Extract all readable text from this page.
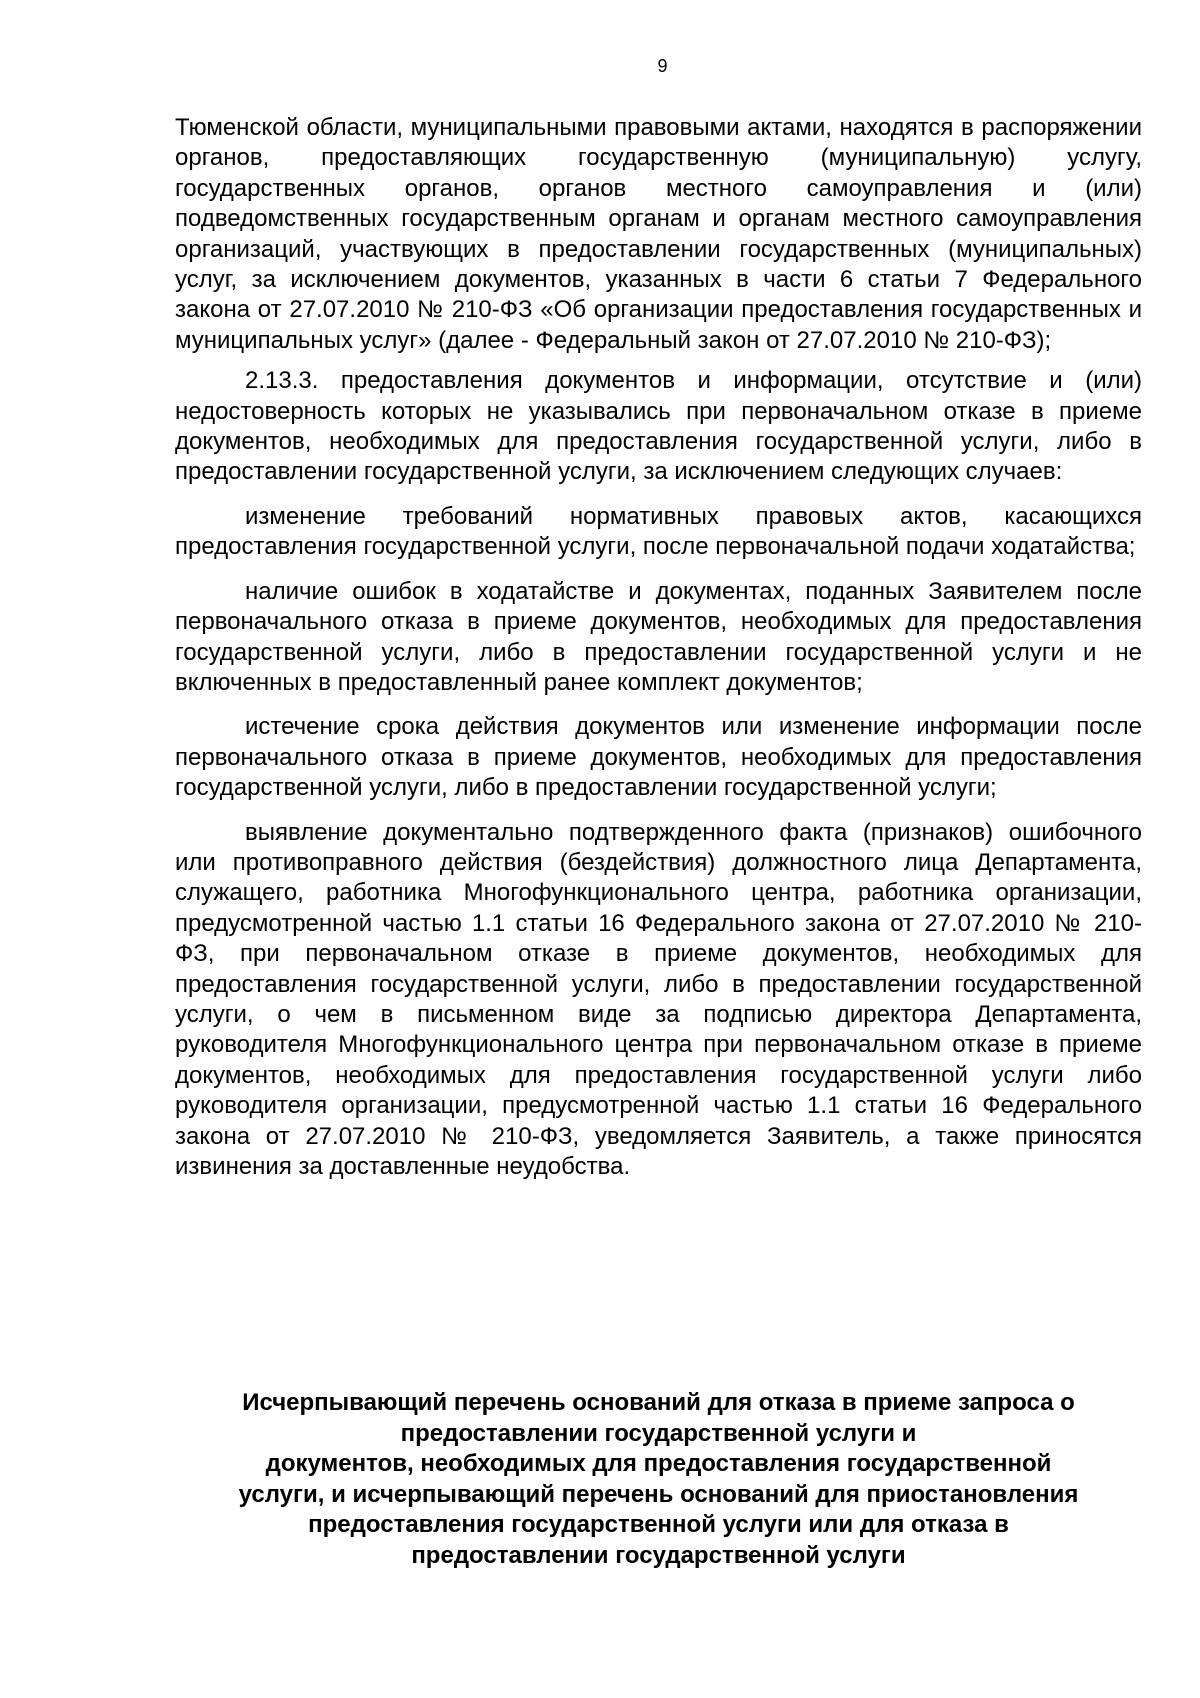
9

Тюменской области, муниципальными правовыми актами, находятся в распоряжении органов, предоставляющих государственную (муниципальную) услугу, государственных органов, органов местного самоуправления и (или) подведомственных государственным органам и органам местного самоуправления организаций, участвующих в предоставлении государственных (муниципальных) услуг, за исключением документов, указанных в части 6 статьи 7 Федерального закона от 27.07.2010 № 210-ФЗ «Об организации предоставления государственных и муниципальных услуг» (далее - Федеральный закон от 27.07.2010 № 210-ФЗ);

2.13.3. предоставления документов и информации, отсутствие и (или) недостоверность которых не указывались при первоначальном отказе в приеме документов, необходимых для предоставления государственной услуги, либо в предоставлении государственной услуги, за исключением следующих случаев:

изменение требований нормативных правовых актов, касающихся предоставления государственной услуги, после первоначальной подачи ходатайства;

наличие ошибок в ходатайстве и документах, поданных Заявителем после первоначального отказа в приеме документов, необходимых для предоставления государственной услуги, либо в предоставлении государственной услуги и не включенных в предоставленный ранее комплект документов;

истечение срока действия документов или изменение информации после первоначального отказа в приеме документов, необходимых для предоставления государственной услуги, либо в предоставлении государственной услуги;

выявление документально подтвержденного факта (признаков) ошибочного или противоправного действия (бездействия) должностного лица Департамента, служащего, работника Многофункционального центра, работника организации, предусмотренной частью 1.1 статьи 16 Федерального закона от 27.07.2010 № 210-ФЗ, при первоначальном отказе в приеме документов, необходимых для предоставления государственной услуги, либо в предоставлении государственной услуги, о чем в письменном виде за подписью директора Департамента, руководителя Многофункционального центра при первоначальном отказе в приеме документов, необходимых для предоставления государственной услуги либо руководителя организации, предусмотренной частью 1.1 статьи 16 Федерального закона от 27.07.2010 № 210-ФЗ, уведомляется Заявитель, а также приносятся извинения за доставленные неудобства.

Исчерпывающий перечень оснований для отказа в приеме запроса о
предоставлении государственной услуги и
документов, необходимых для предоставления государственной
услуги, и исчерпывающий перечень оснований для приостановления
предоставления государственной услуги или для отказа в
предоставлении государственной услуги
